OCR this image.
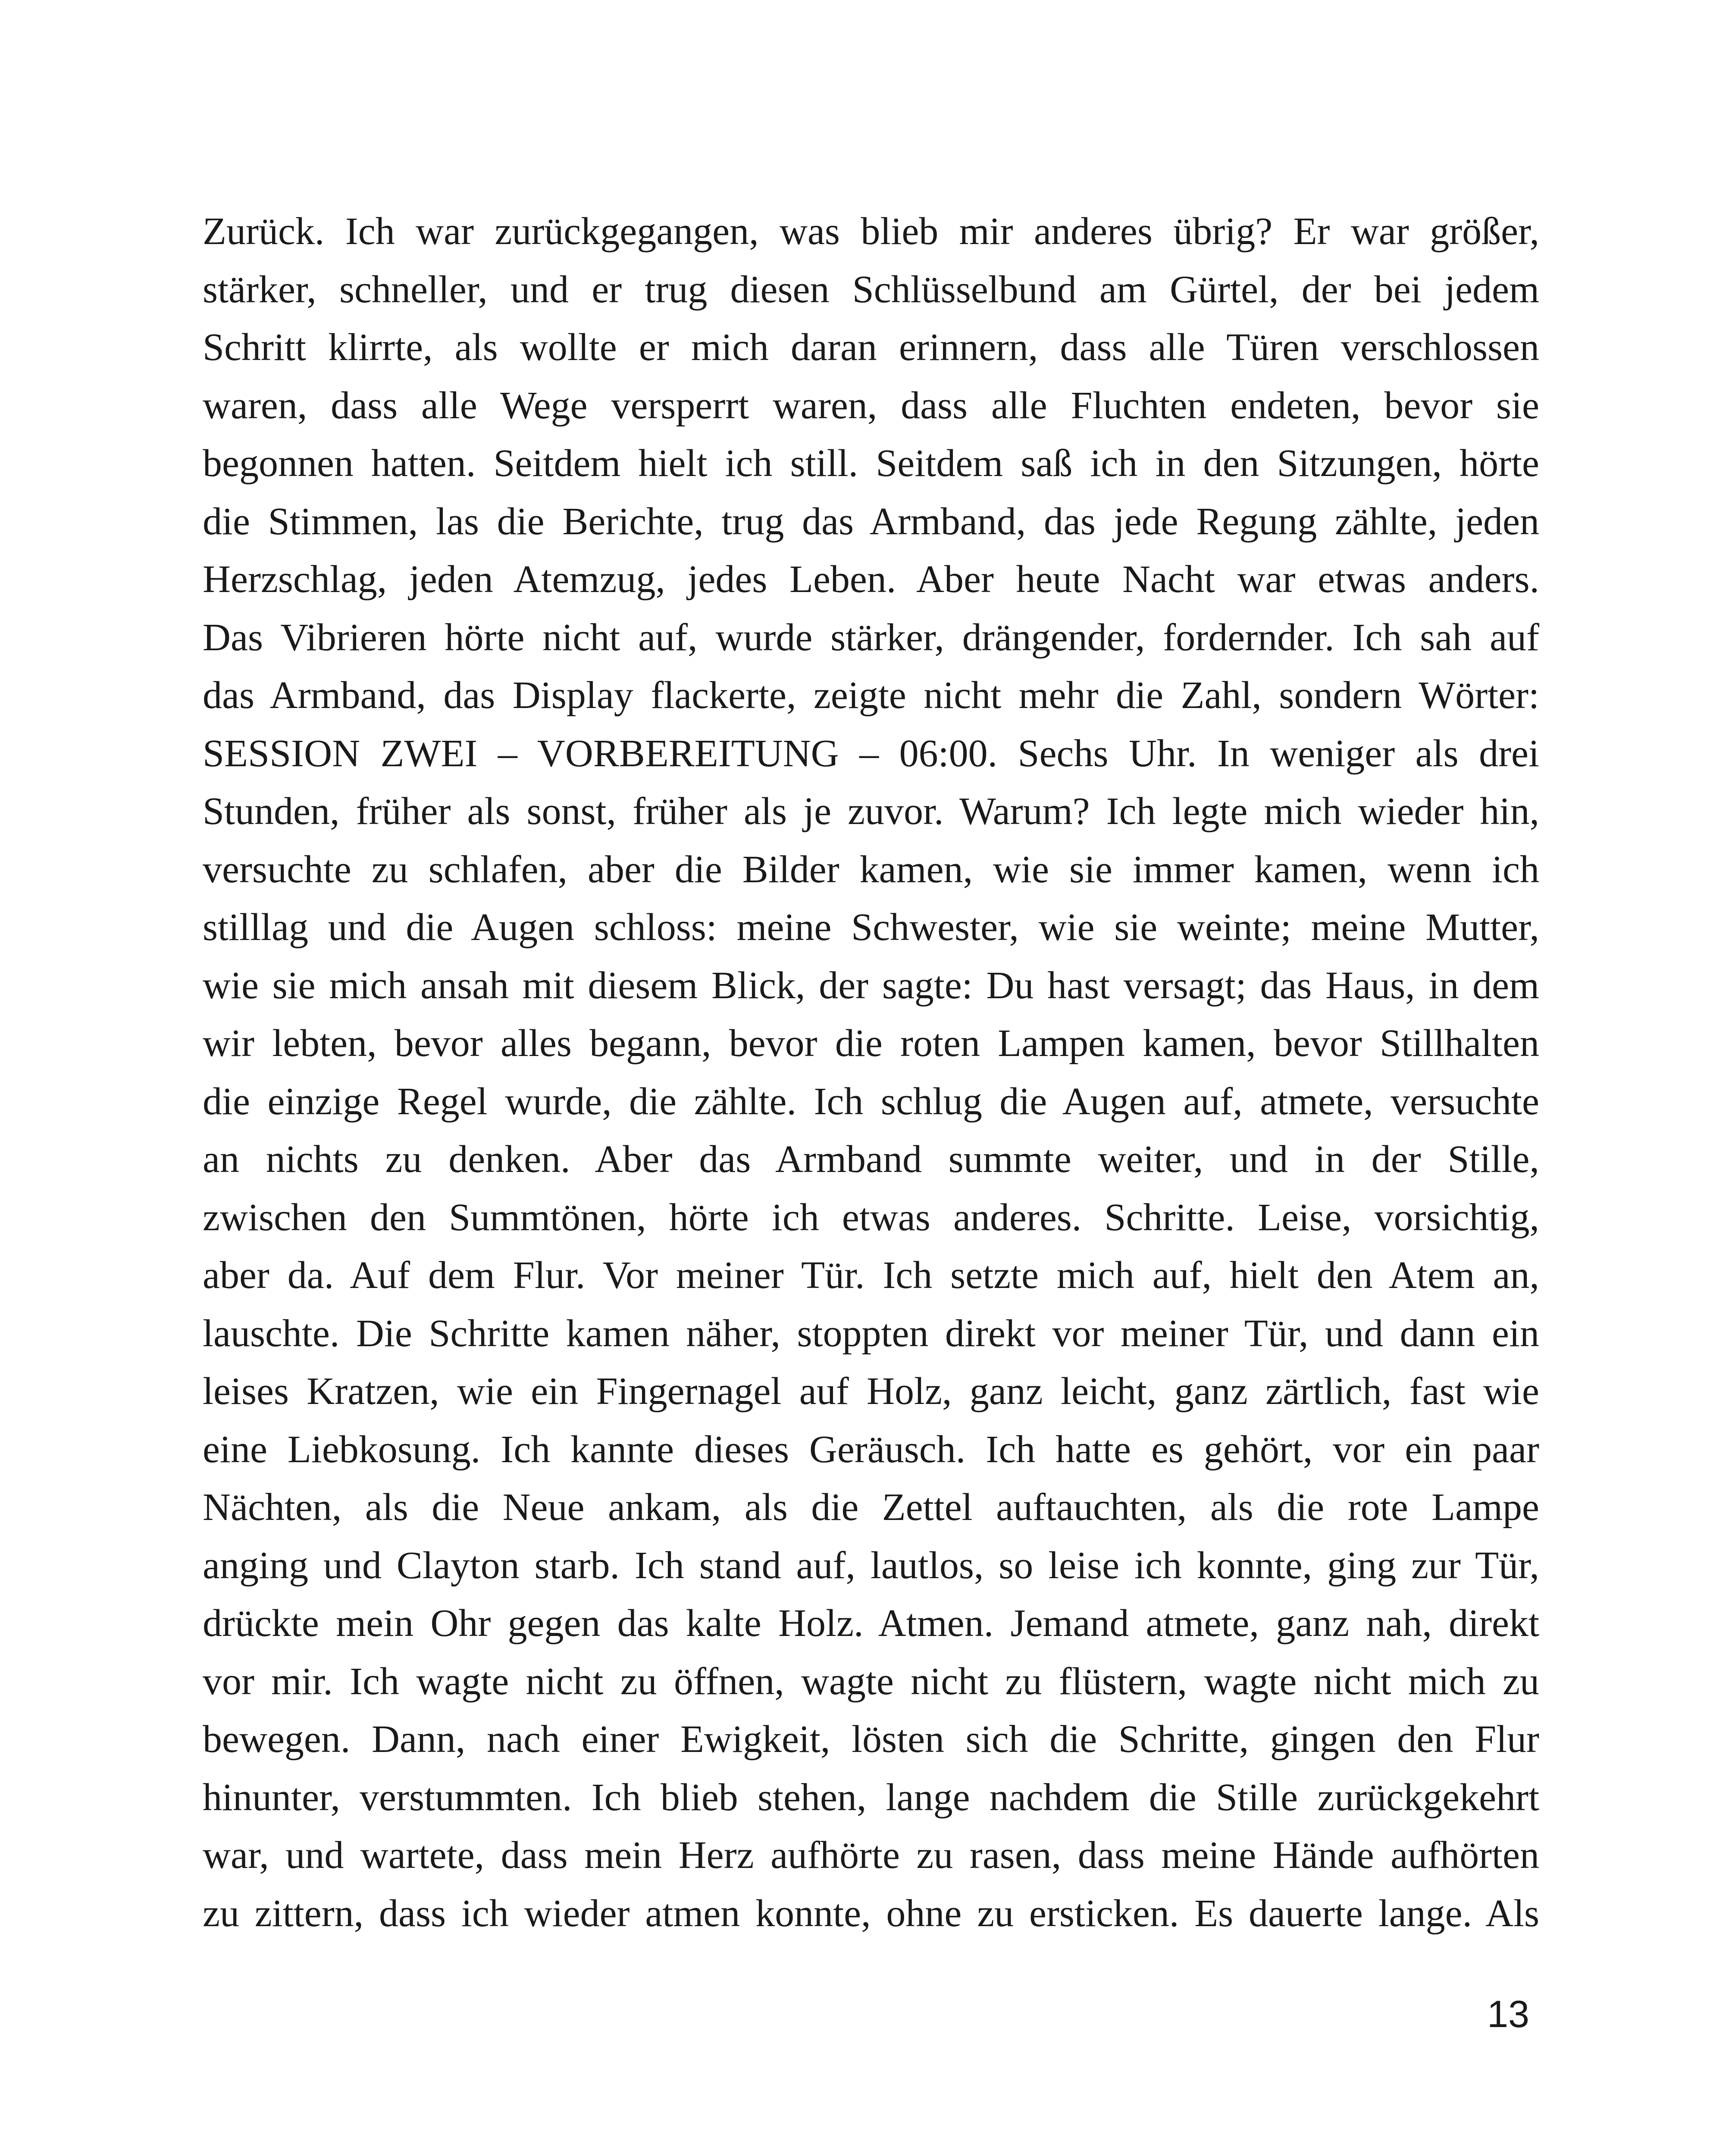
Zurück. Ich war zurückgegangen, was blieb mir anderes übrig? Er war größer,
stärker, schneller, und er trug diesen Schlüsselbund am Gürtel, der bei jedem
Schritt klirrte, als wollte er mich daran erinnern, dass alle Türen verschlossen
waren, dass alle Wege versperrt waren, dass alle Fluchten endeten, bevor sie
begonnen hatten. Seitdem hielt ich still. Seitdem saß ich in den Sitzungen, hörte
die Stimmen, las die Berichte, trug das Armband, das jede Regung zählte, jeden
Herzschlag, jeden Atemzug, jedes Leben. Aber heute Nacht war etwas anders.
Das Vibrieren hörte nicht auf, wurde stärker, drängender, fordernder. Ich sah auf
das Armband, das Display flackerte, zeigte nicht mehr die Zahl, sondern Wörter:
SESSION ZWEI – VORBEREITUNG – 06:00. Sechs Uhr. In weniger als drei
Stunden, früher als sonst, früher als je zuvor. Warum? Ich legte mich wieder hin,
versuchte zu schlafen, aber die Bilder kamen, wie sie immer kamen, wenn ich
stilllag und die Augen schloss: meine Schwester, wie sie weinte; meine Mutter,
wie sie mich ansah mit diesem Blick, der sagte: Du hast versagt; das Haus, in dem
wir lebten, bevor alles begann, bevor die roten Lampen kamen, bevor Stillhalten
die einzige Regel wurde, die zählte. Ich schlug die Augen auf, atmete, versuchte
an nichts zu denken. Aber das Armband summte weiter, und in der Stille,
zwischen den Summtönen, hörte ich etwas anderes. Schritte. Leise, vorsichtig,
aber da. Auf dem Flur. Vor meiner Tür. Ich setzte mich auf, hielt den Atem an,
lauschte. Die Schritte kamen näher, stoppten direkt vor meiner Tür, und dann ein
leises Kratzen, wie ein Fingernagel auf Holz, ganz leicht, ganz zärtlich, fast wie
eine Liebkosung. Ich kannte dieses Geräusch. Ich hatte es gehört, vor ein paar
Nächten, als die Neue ankam, als die Zettel auftauchten, als die rote Lampe
anging und Clayton starb. Ich stand auf, lautlos, so leise ich konnte, ging zur Tür,
drückte mein Ohr gegen das kalte Holz. Atmen. Jemand atmete, ganz nah, direkt
vor mir. Ich wagte nicht zu öffnen, wagte nicht zu flüstern, wagte nicht mich zu
bewegen. Dann, nach einer Ewigkeit, lösten sich die Schritte, gingen den Flur
hinunter, verstummten. Ich blieb stehen, lange nachdem die Stille zurückgekehrt
war, und wartete, dass mein Herz aufhörte zu rasen, dass meine Hände aufhörten
zu zittern, dass ich wieder atmen konnte, ohne zu ersticken. Es dauerte lange. Als
13
